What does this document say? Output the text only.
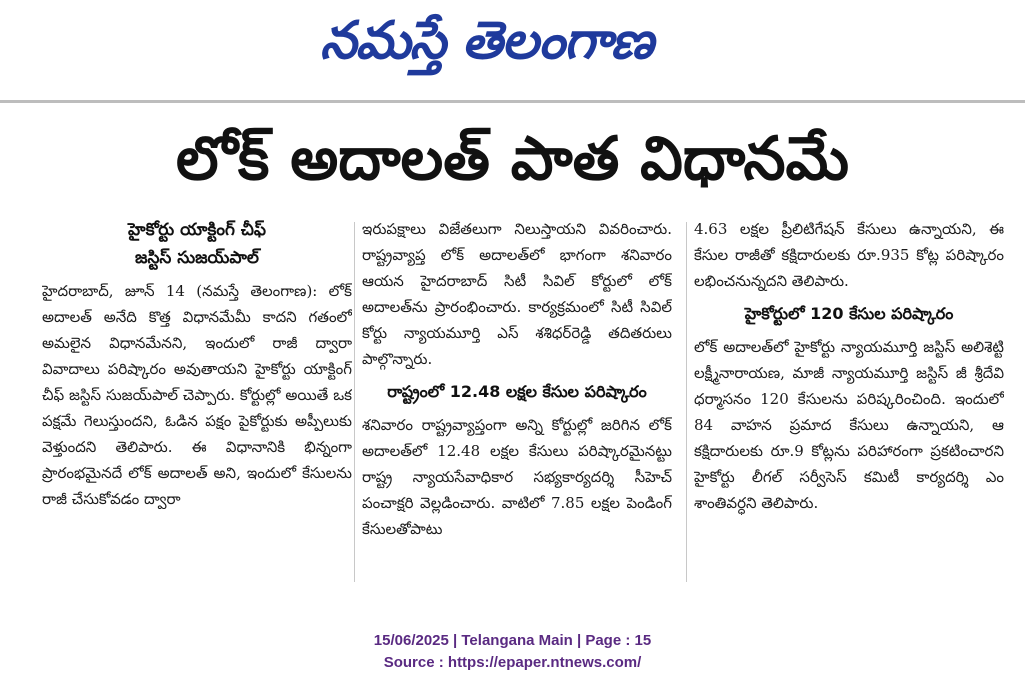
నమస్తే తెలంగాణ
లోక్ అదాలత్ పాత విధానమే
హైకోర్టు యాక్టింగ్ చీఫ్
జస్టిస్ సుజయ్‌పాల్

హైదరాబాద్, జూన్ 14 (నమస్తే తెలంగాణ): లోక్ అదాలత్ అనేది కొత్త విధానమేమీ కాదని గతంలో అమలైన విధానమేనని, ఇందులో రాజీ ద్వారా వివాదాలు పరిష్కారం అవుతాయని హైకోర్టు యాక్టింగ్ చీఫ్ జస్టిస్ సుజయ్‌పాల్ చెప్పారు. కోర్టుల్లో అయితే ఒక పక్షమే గెలుస్తుందని, ఓడిన పక్షం పైకోర్టుకు అప్పీలుకు వెళ్తుందని తెలిపారు. ఈ విధానానికి భిన్నంగా ప్రారంభమైనదే లోక్ అదాలత్ అని, ఇందులో కేసులను రాజీ చేసుకోవడం ద్వారా

ఇరుపక్షాలు విజేతలుగా నిలుస్తాయని వివరించారు. రాష్ట్రవ్యాప్త లోక్ అదాలత్‌లో భాగంగా శనివారం ఆయన హైదరాబాద్ సిటీ సివిల్ కోర్టులో లోక్ అదాలత్‌ను ప్రారంభించారు. కార్యక్రమంలో సిటీ సివిల్ కోర్టు న్యాయమూర్తి ఎస్ శశిధర్‌రెడ్డి తదితరులు పాల్గొన్నారు.

రాష్ట్రంలో 12.48 లక్షల కేసుల పరిష్కారం

శనివారం రాష్ట్రవ్యాప్తంగా అన్ని కోర్టుల్లో జరిగిన లోక్ అదాలత్‌లో 12.48 లక్షల కేసులు పరిష్కారమైనట్టు రాష్ట్ర న్యాయసేవాధికార సభ్యకార్యదర్శి సీహెచ్ పంచాక్షరి వెల్లడించారు. వాటిలో 7.85 లక్షల పెండింగ్ కేసులతోపాటు

4.63 లక్షల ప్రీలిటిగేషన్ కేసులు ఉన్నాయని, ఈ కేసుల రాజీతో కక్షిదారులకు రూ.935 కోట్ల పరిష్కారం లభించనున్నదని తెలిపారు.

హైకోర్టులో 120 కేసుల పరిష్కారం

లోక్ అదాలత్‌లో హైకోర్టు న్యాయమూర్తి జస్టిస్ అలిశెట్టి లక్ష్మీనారాయణ, మాజీ న్యాయమూర్తి జస్టిస్ జీ శ్రీదేవి ధర్మాసనం 120 కేసులను పరిష్కరించింది. ఇందులో 84 వాహన ప్రమాద కేసులు ఉన్నాయని, ఆ కక్షిదారులకు రూ.9 కోట్లను పరిహారంగా ప్రకటించారని హైకోర్టు లీగల్ సర్వీసెస్ కమిటీ కార్యదర్శి ఎం శాంతివర్ధని తెలిపారు.

15/06/2025 | Telangana Main | Page : 15
Source : https://epaper.ntnews.com/
